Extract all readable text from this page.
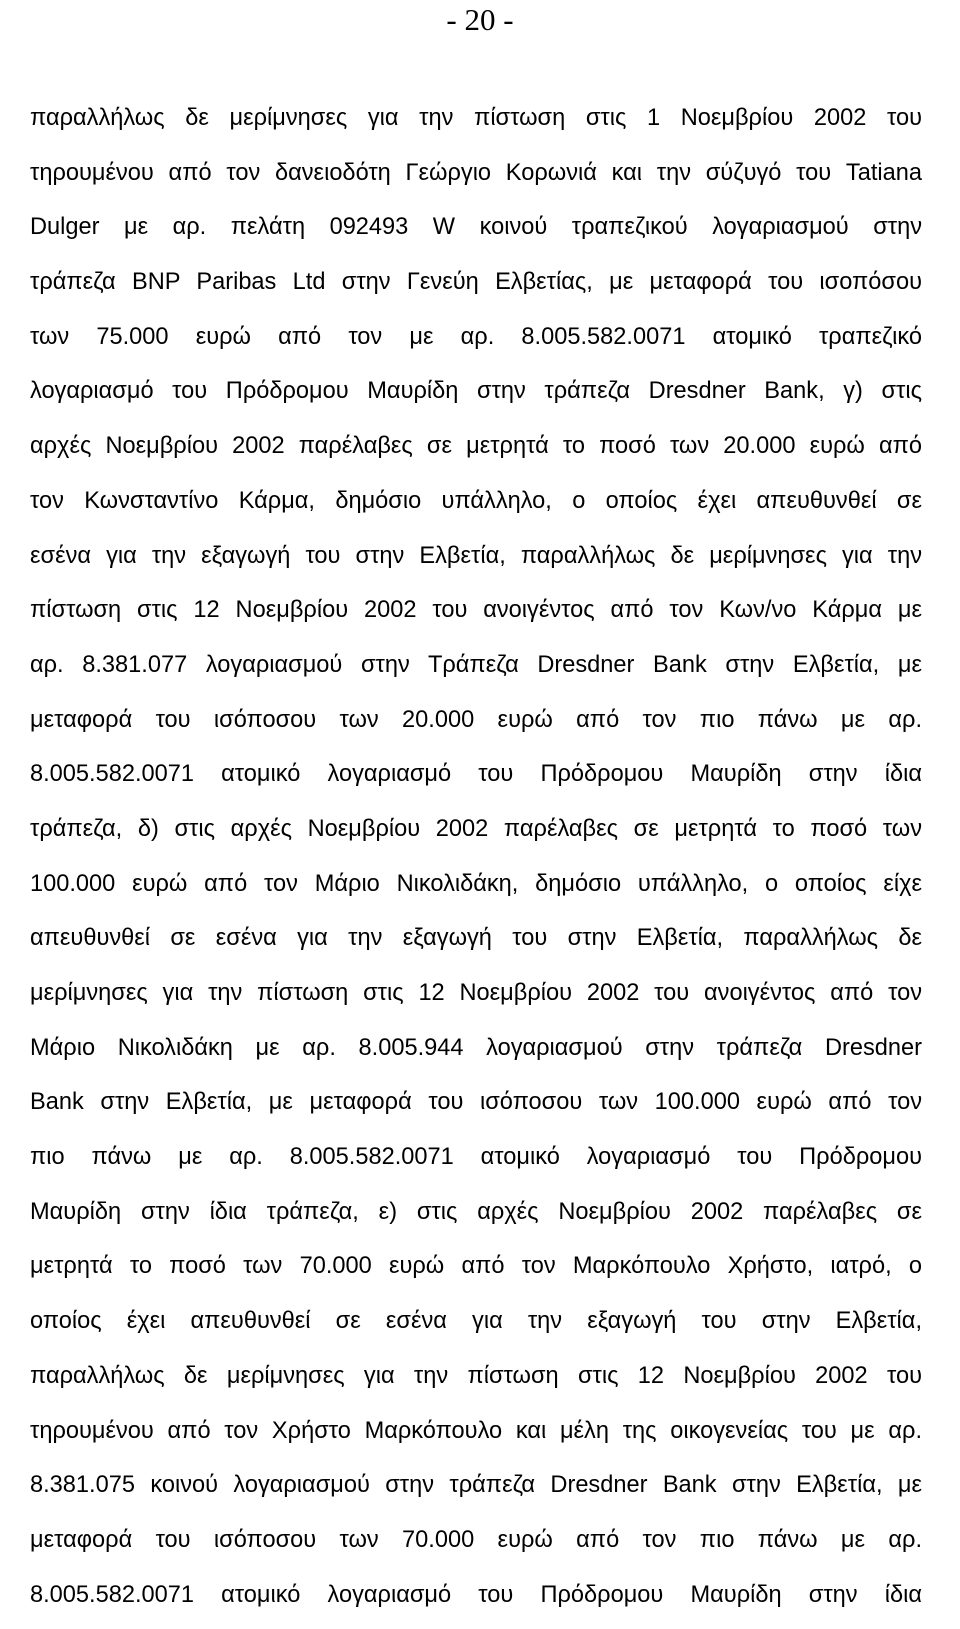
- 20 -
παραλλήλως δε μερίμνησες για την πίστωση στις 1 Νοεμβρίου 2002 του
τηρουμένου από τον δανειοδότη Γεώργιο Κορωνιά και την σύζυγό του Tatiana
Dulger με αρ. πελάτη 092493 W κοινού τραπεζικού λογαριασμού στην
τράπεζα BNP Paribas Ltd στην Γενεύη Ελβετίας, με μεταφορά του ισοπόσου
των 75.000 ευρώ από τον με αρ. 8.005.582.0071 ατομικό τραπεζικό
λογαριασμό του Πρόδρομου Μαυρίδη στην τράπεζα Dresdner Bank, γ) στις
αρχές Νοεμβρίου 2002 παρέλαβες σε μετρητά το ποσό των 20.000 ευρώ από
τον Κωνσταντίνο Κάρμα, δημόσιο υπάλληλο, ο οποίος έχει απευθυνθεί σε
εσένα για την εξαγωγή του στην Ελβετία, παραλλήλως δε μερίμνησες για την
πίστωση στις 12 Νοεμβρίου 2002 του ανοιγέντος από τον Κων/νο Κάρμα με
αρ. 8.381.077 λογαριασμού στην Τράπεζα Dresdner Bank στην Ελβετία, με
μεταφορά του ισόποσου των 20.000 ευρώ από τον πιο πάνω με αρ.
8.005.582.0071 ατομικό λογαριασμό του Πρόδρομου Μαυρίδη στην ίδια
τράπεζα, δ) στις αρχές Νοεμβρίου 2002 παρέλαβες σε μετρητά το ποσό των
100.000 ευρώ από τον Μάριο Νικολιδάκη, δημόσιο υπάλληλο, ο οποίος είχε
απευθυνθεί σε εσένα για την εξαγωγή του στην Ελβετία, παραλλήλως δε
μερίμνησες για την πίστωση στις 12 Νοεμβρίου 2002 του ανοιγέντος από τον
Μάριο Νικολιδάκη με αρ. 8.005.944 λογαριασμού στην τράπεζα Dresdner
Bank στην Ελβετία, με μεταφορά του ισόποσου των 100.000 ευρώ από τον
πιο πάνω με αρ. 8.005.582.0071 ατομικό λογαριασμό του Πρόδρομου
Μαυρίδη στην ίδια τράπεζα, ε) στις αρχές Νοεμβρίου 2002 παρέλαβες σε
μετρητά το ποσό των 70.000 ευρώ από τον Μαρκόπουλο Χρήστο, ιατρό, ο
οποίος έχει απευθυνθεί σε εσένα για την εξαγωγή του στην Ελβετία,
παραλλήλως δε μερίμνησες για την πίστωση στις 12 Νοεμβρίου 2002 του
τηρουμένου από τον Χρήστο Μαρκόπουλο και μέλη της οικογενείας του με αρ.
8.381.075 κοινού λογαριασμού στην τράπεζα Dresdner Bank στην Ελβετία, με
μεταφορά του ισόποσου των 70.000 ευρώ από τον πιο πάνω με αρ.
8.005.582.0071 ατομικό λογαριασμό του Πρόδρομου Μαυρίδη στην ίδια
